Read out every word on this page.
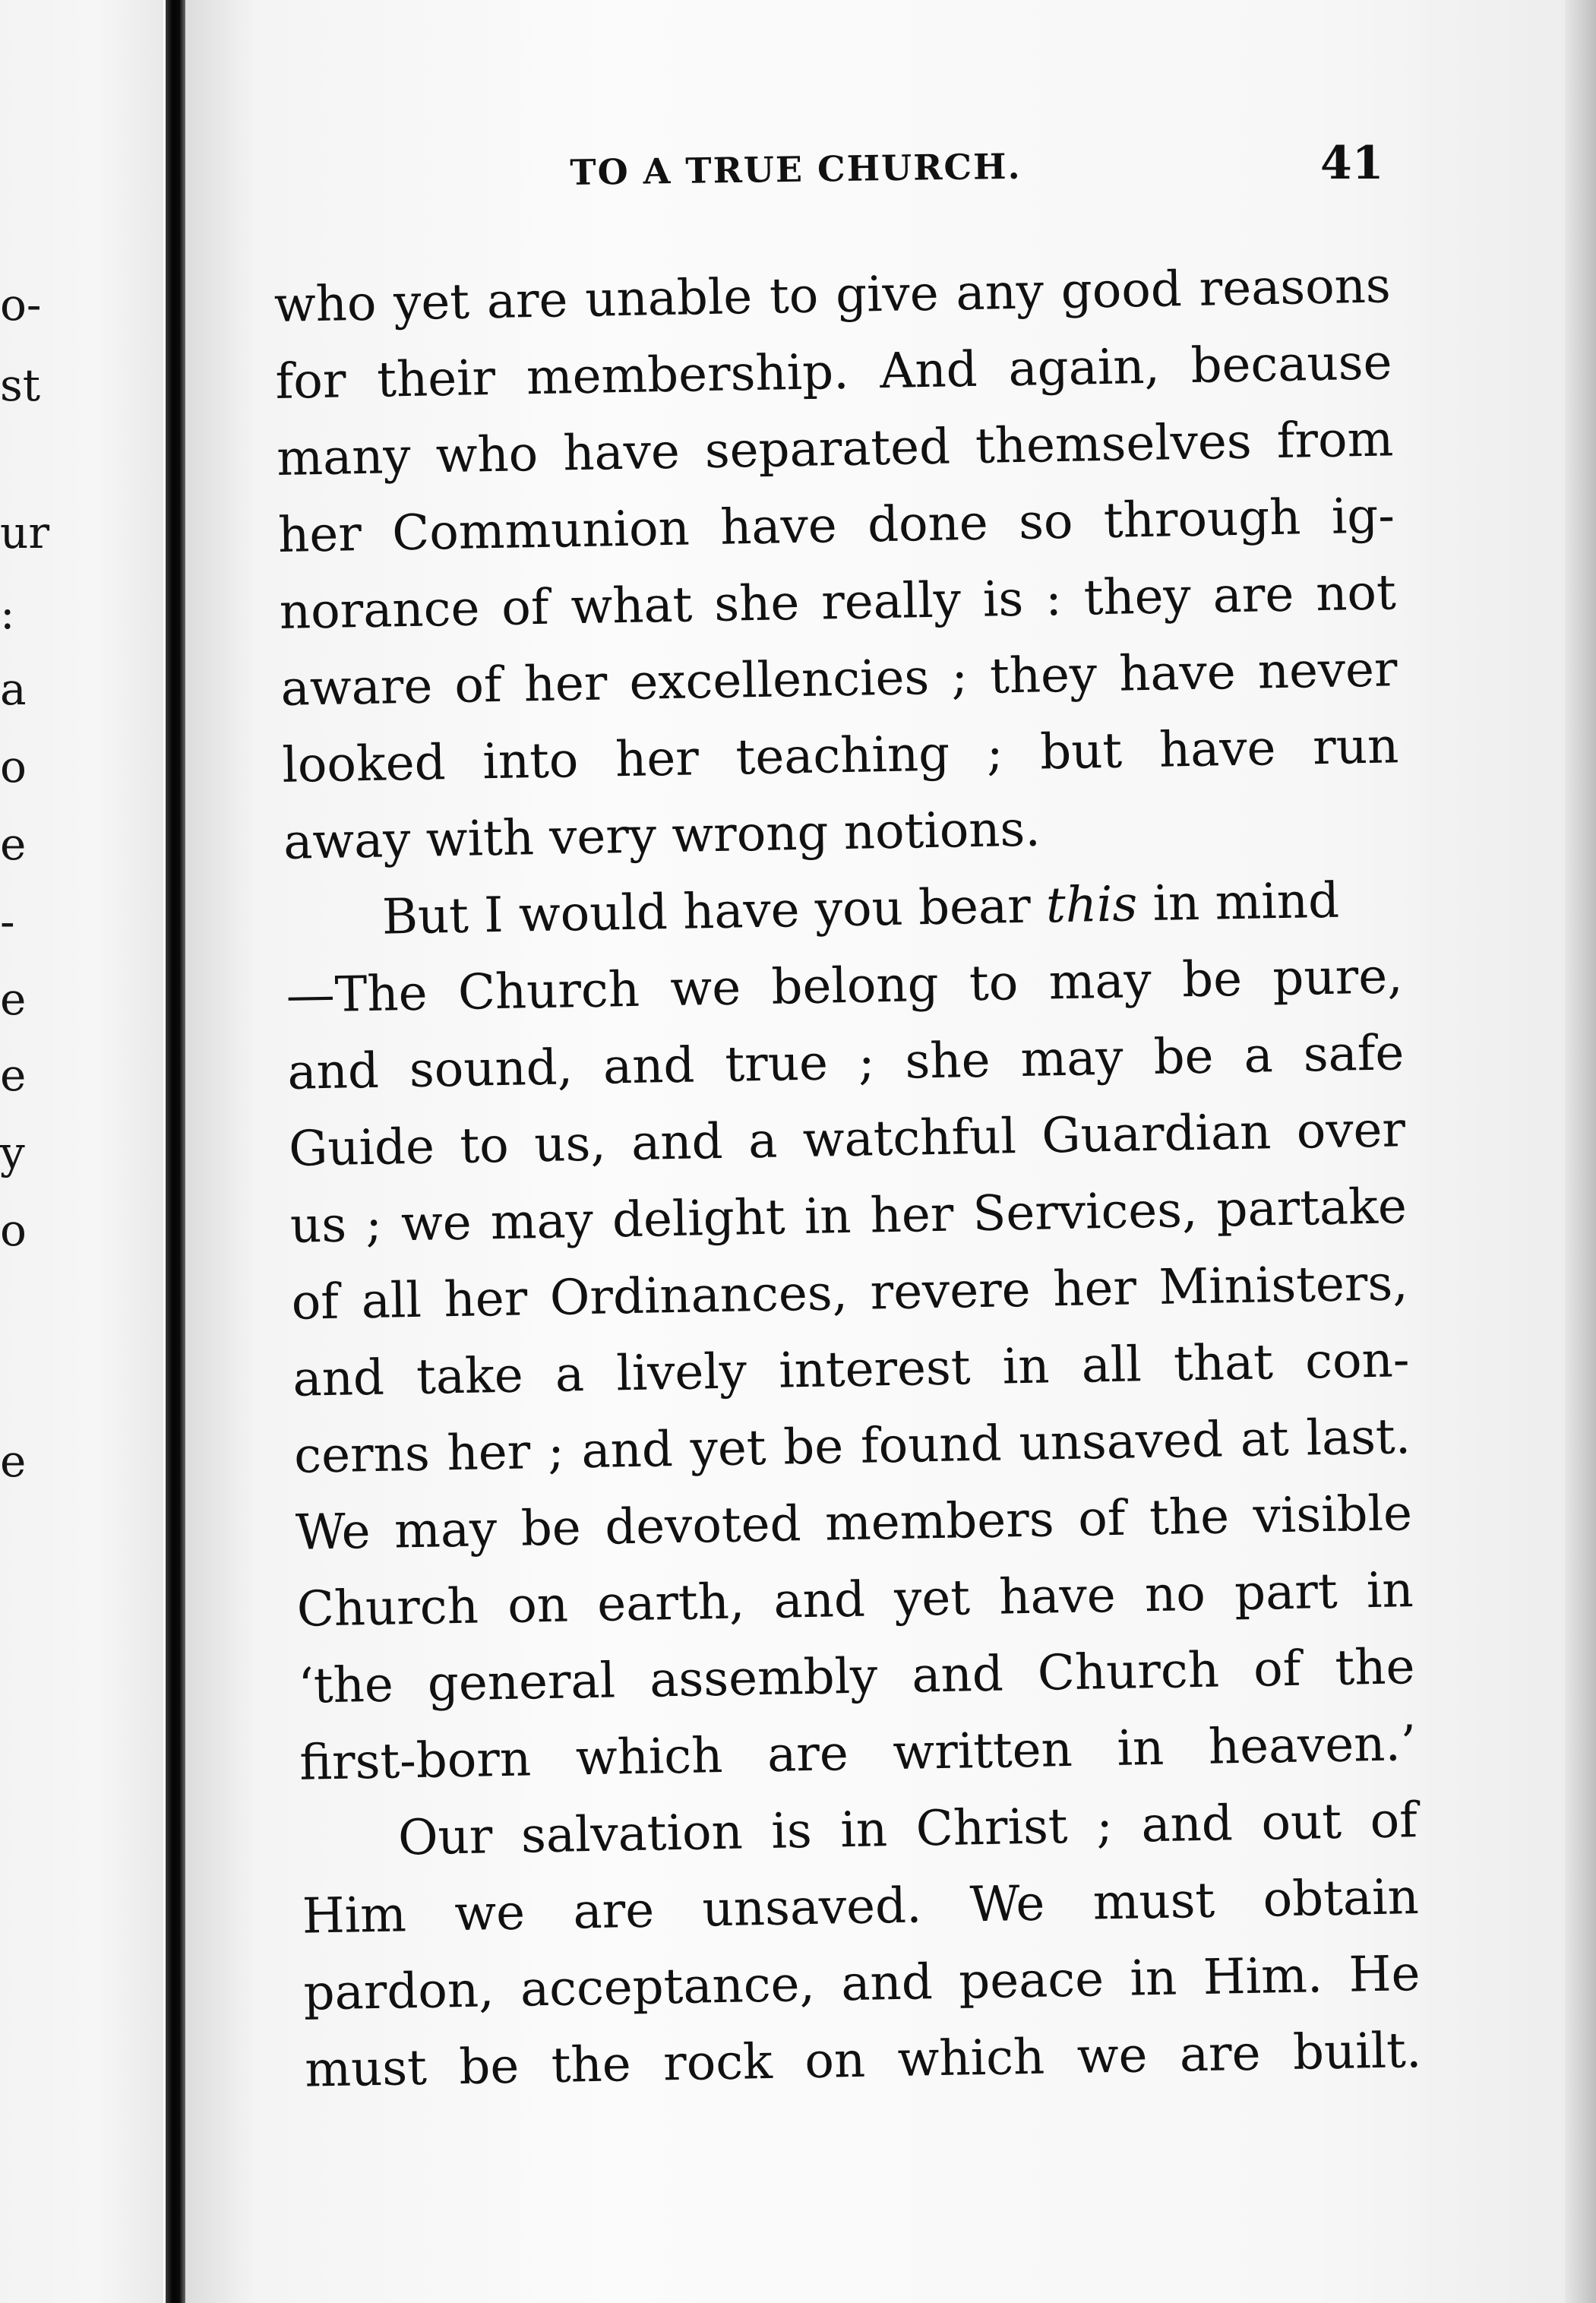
o-
st
ur
:
a
o
e
-
e
e
y
o
e
TO A TRUE CHURCH.	41
who yet are unable to give any good reasons
for their membership. And again, because
many who have separated themselves from
her Communion have done so through ig-
norance of what she really is : they are not
aware of her excellencies ; they have never
looked into her teaching ; but have run
away with very wrong notions.
But I would have you bear this in mind
—The Church we belong to may be pure,
and sound, and true ; she may be a safe
Guide to us, and a watchful Guardian over
us ; we may delight in her Services, partake
of all her Ordinances, revere her Ministers,
and take a lively interest in all that con-
cerns her ; and yet be found unsaved at last.
We may be devoted members of the visible
Church on earth, and yet have no part in
‘the general assembly and Church of the
first-born which are written in heaven.’
Our salvation is in Christ ; and out of
Him we are unsaved. We must obtain
pardon, acceptance, and peace in Him. He
must be the rock on which we are built.
